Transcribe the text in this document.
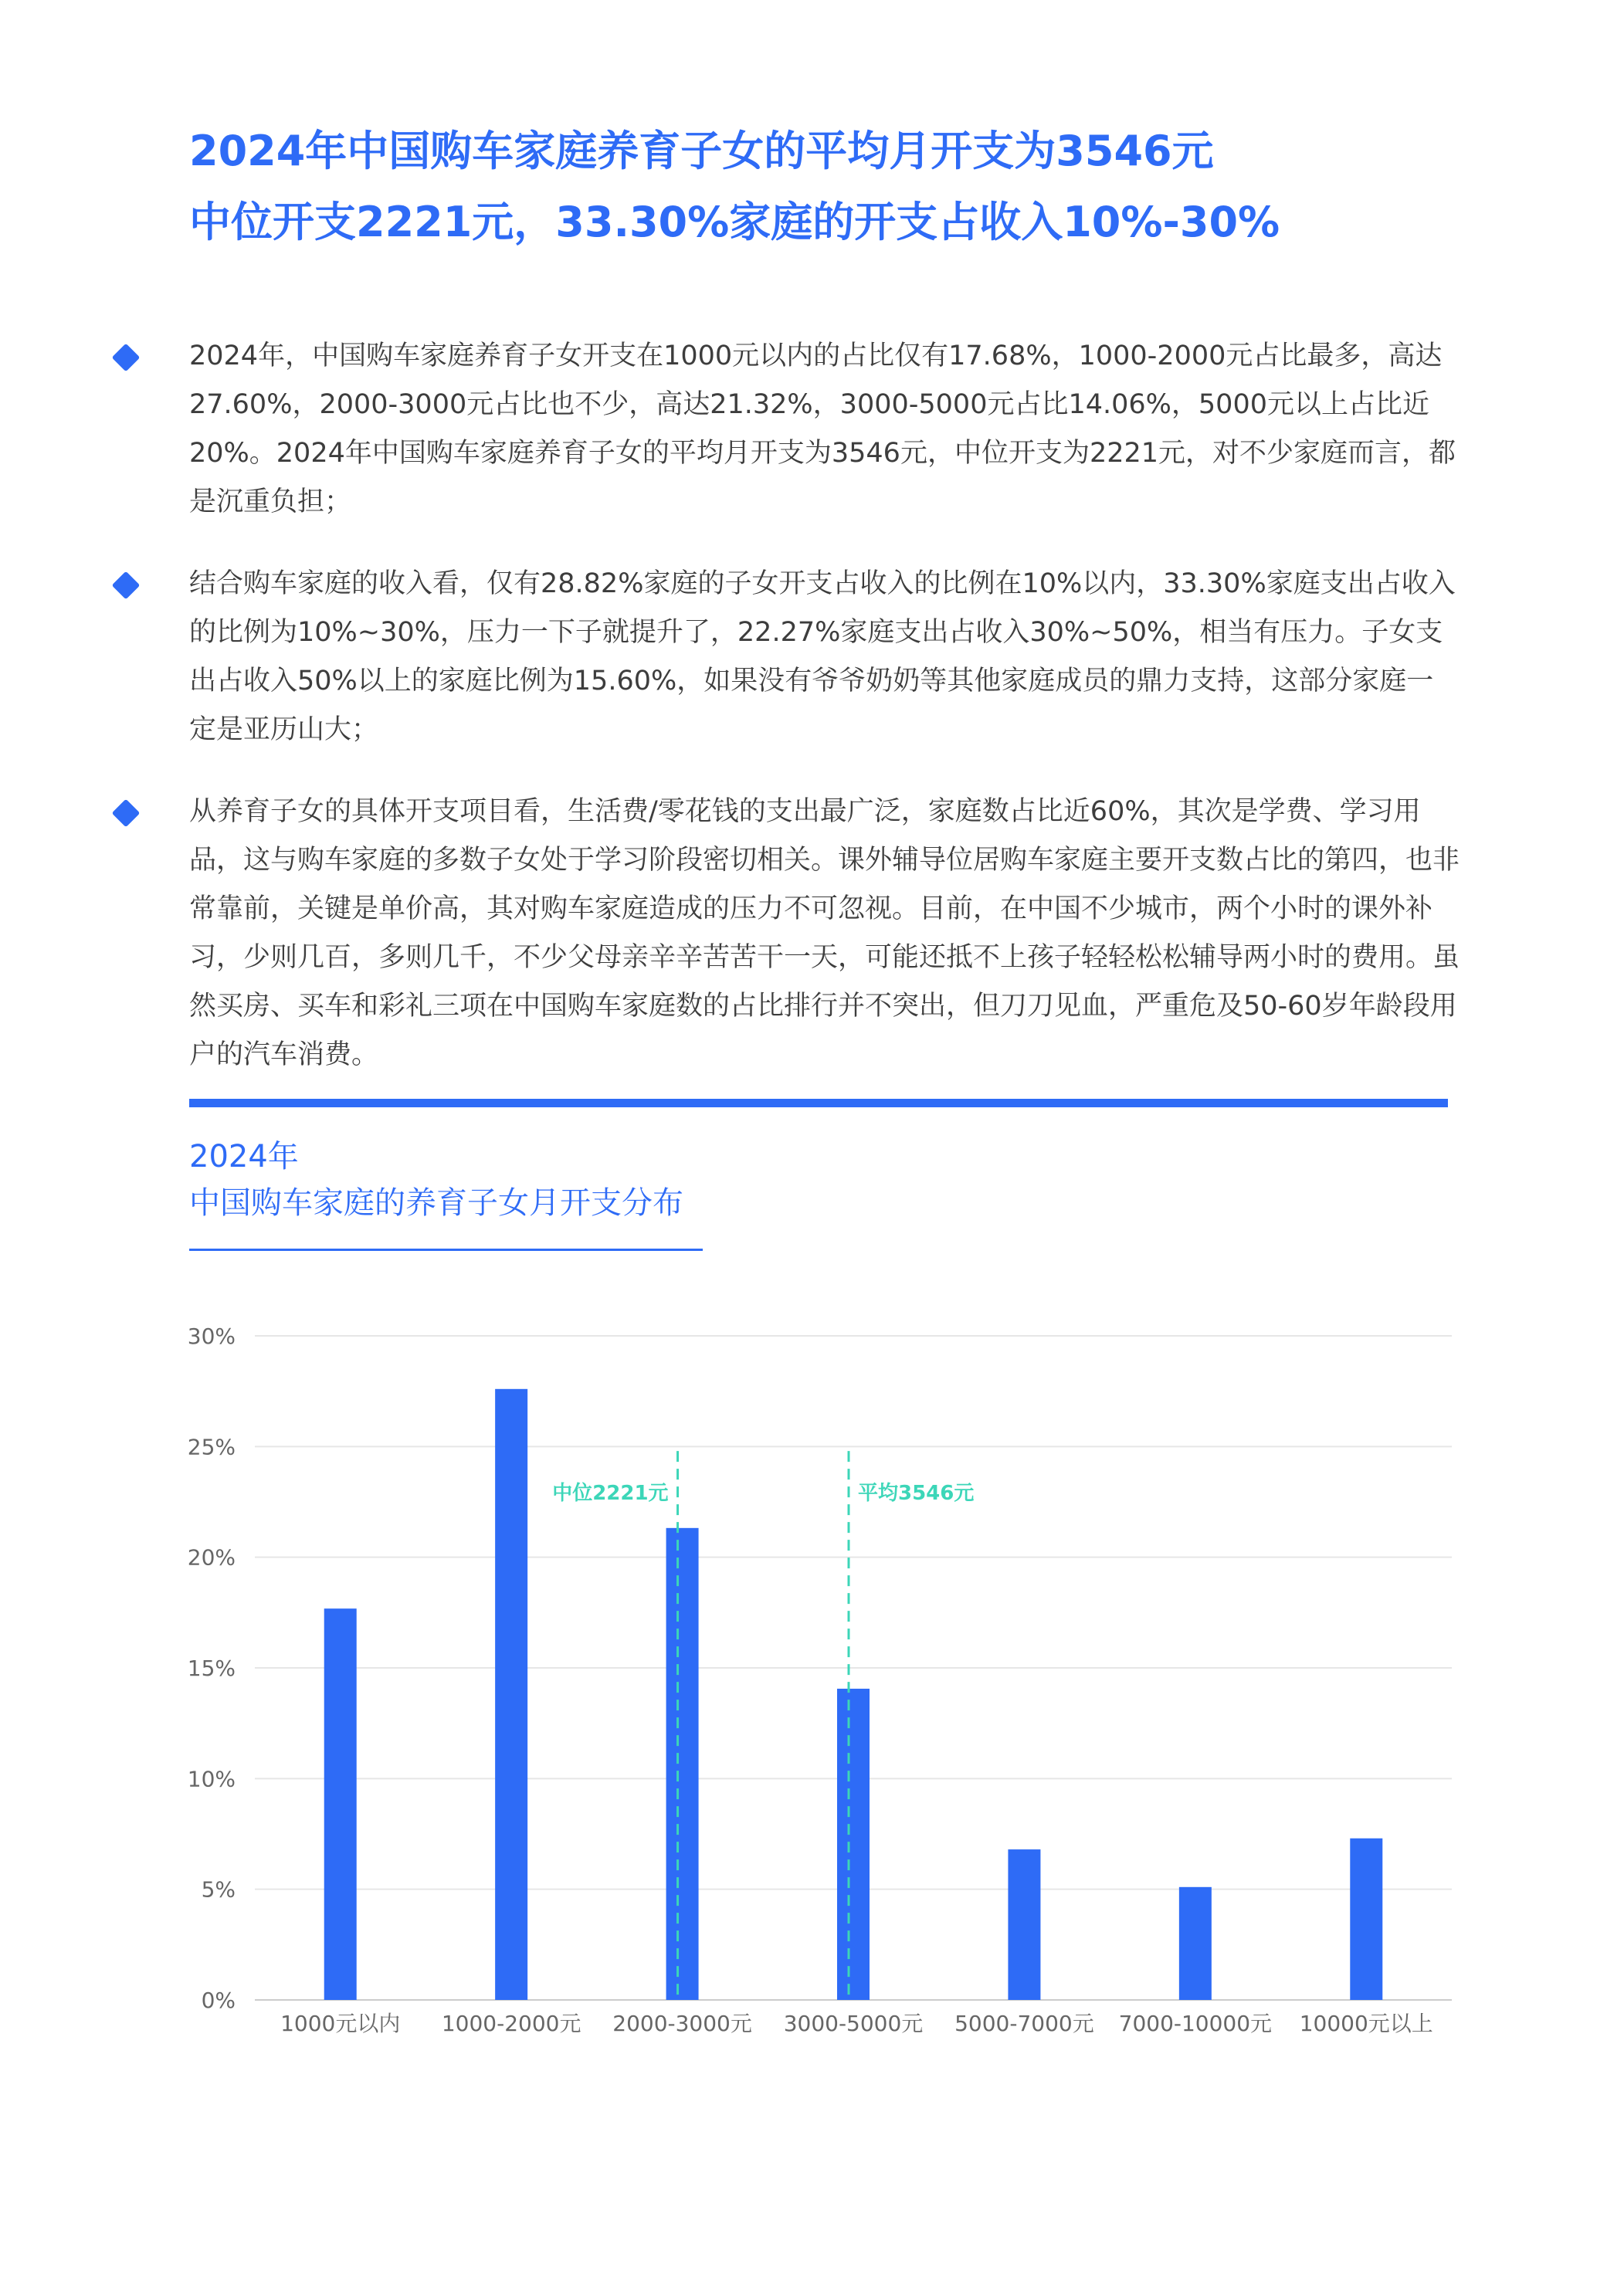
2024年中国购车家庭养育子女的平均月开支为3546元
中位开支2221元，33.30%家庭的开支占收入10%-30%
2024年，中国购车家庭养育子女开支在1000元以内的占比仅有17.68%，1000-2000元占比最多，高达27.60%，2000-3000元占比也不少，高达21.32%，3000-5000元占比14.06%，5000元以上占比近20%。2024年中国购车家庭养育子女的平均月开支为3546元，中位开支为2221元，对不少家庭而言，都是沉重负担；
结合购车家庭的收入看，仅有28.82%家庭的子女开支占收入的比例在10%以内，33.30%家庭支出占收入的比例为10%~30%，压力一下子就提升了，22.27%家庭支出占收入30%~50%，相当有压力。子女支出占收入50%以上的家庭比例为15.60%，如果没有爷爷奶奶等其他家庭成员的鼎力支持，这部分家庭一定是亚历山大；
从养育子女的具体开支项目看，生活费/零花钱的支出最广泛，家庭数占比近60%，其次是学费、学习用品，这与购车家庭的多数子女处于学习阶段密切相关。课外辅导位居购车家庭主要开支数占比的第四，也非常靠前，关键是单价高，其对购车家庭造成的压力不可忽视。目前，在中国不少城市，两个小时的课外补习，少则几百，多则几千，不少父母亲辛辛苦苦干一天，可能还抵不上孩子轻轻松松辅导两小时的费用。虽然买房、买车和彩礼三项在中国购车家庭数的占比排行并不突出，但刀刀见血，严重危及50-60岁年龄段用户的汽车消费。
2024年
中国购车家庭的养育子女月开支分布
0%
5%
10%
15%
20%
25%
30%
1000元以内 1000-2000元 2000-3000元 3000-5000元 5000-7000元 7000-10000元 10000元以上
中位2221元	平均3546元
